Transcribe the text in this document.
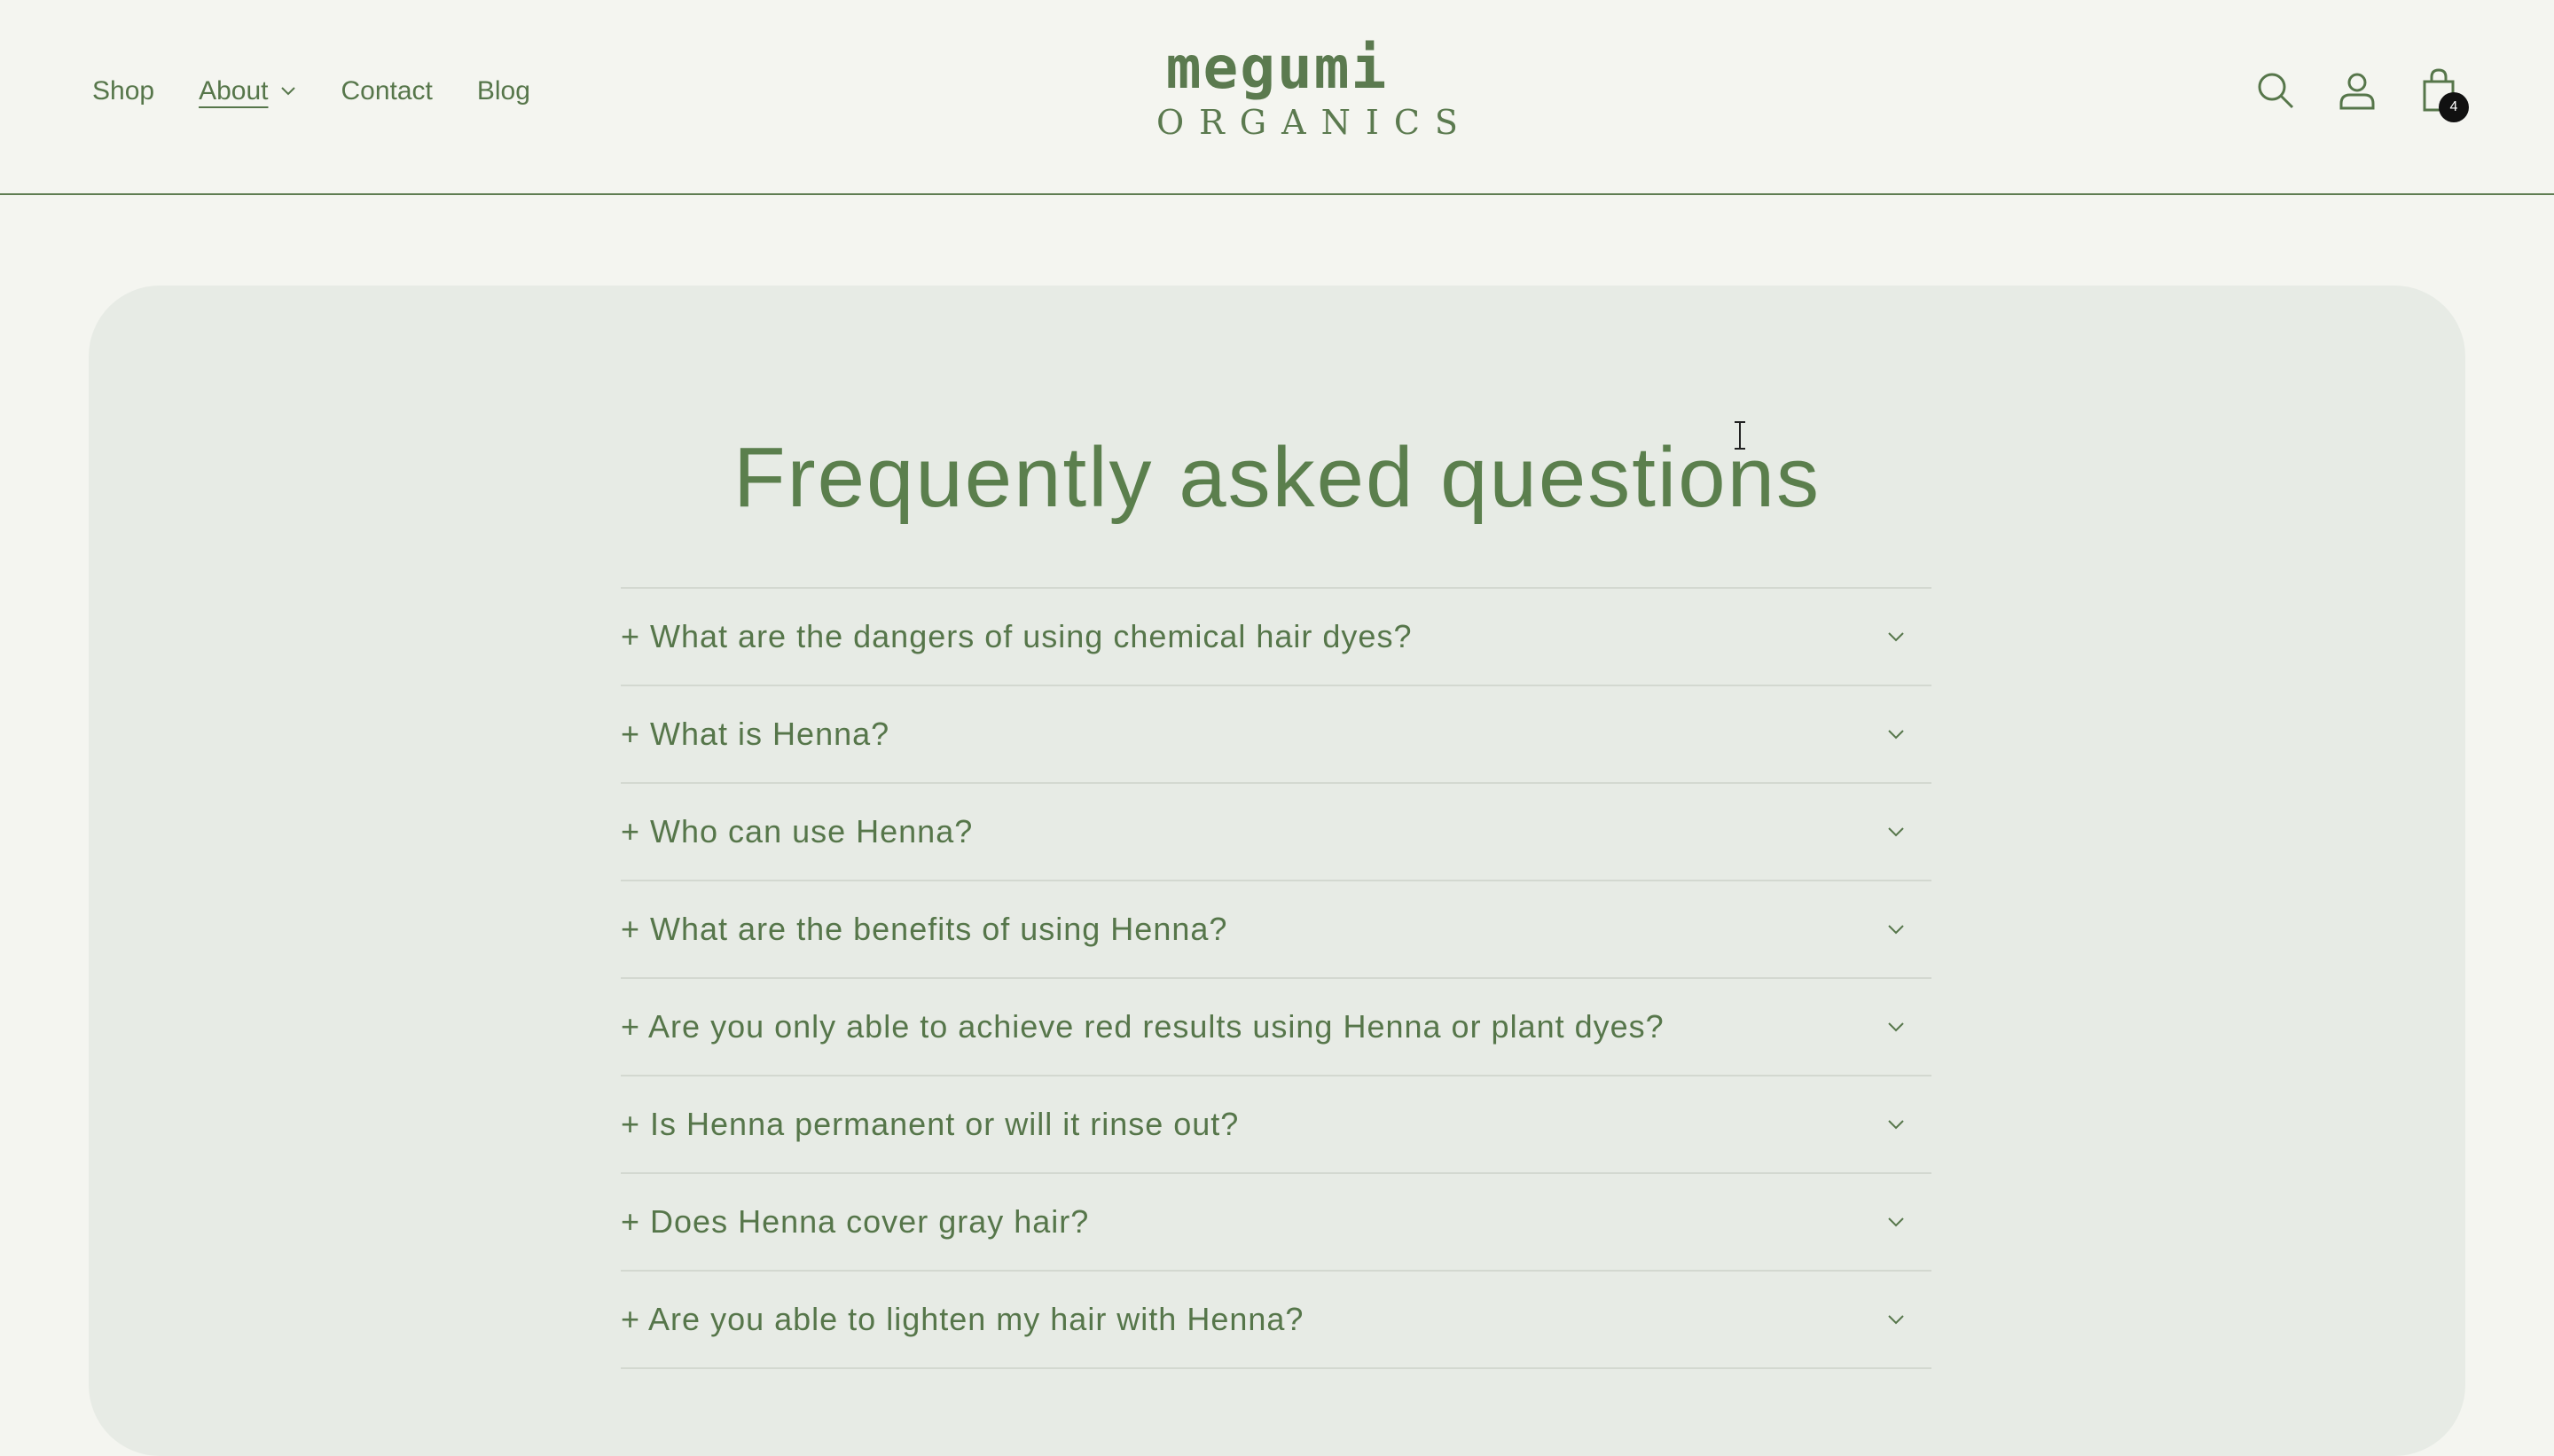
Shop About	Contact Blog	megumi
ORGANICS	4
Frequently asked questions
+ What are the dangers of using chemical hair dyes?
+ What is Henna?
+ Who can use Henna?
+ What are the benefits of using Henna?
+ Are you only able to achieve red results using Henna or plant dyes?
+ Is Henna permanent or will it rinse out?
+ Does Henna cover gray hair?
+ Are you able to lighten my hair with Henna?
